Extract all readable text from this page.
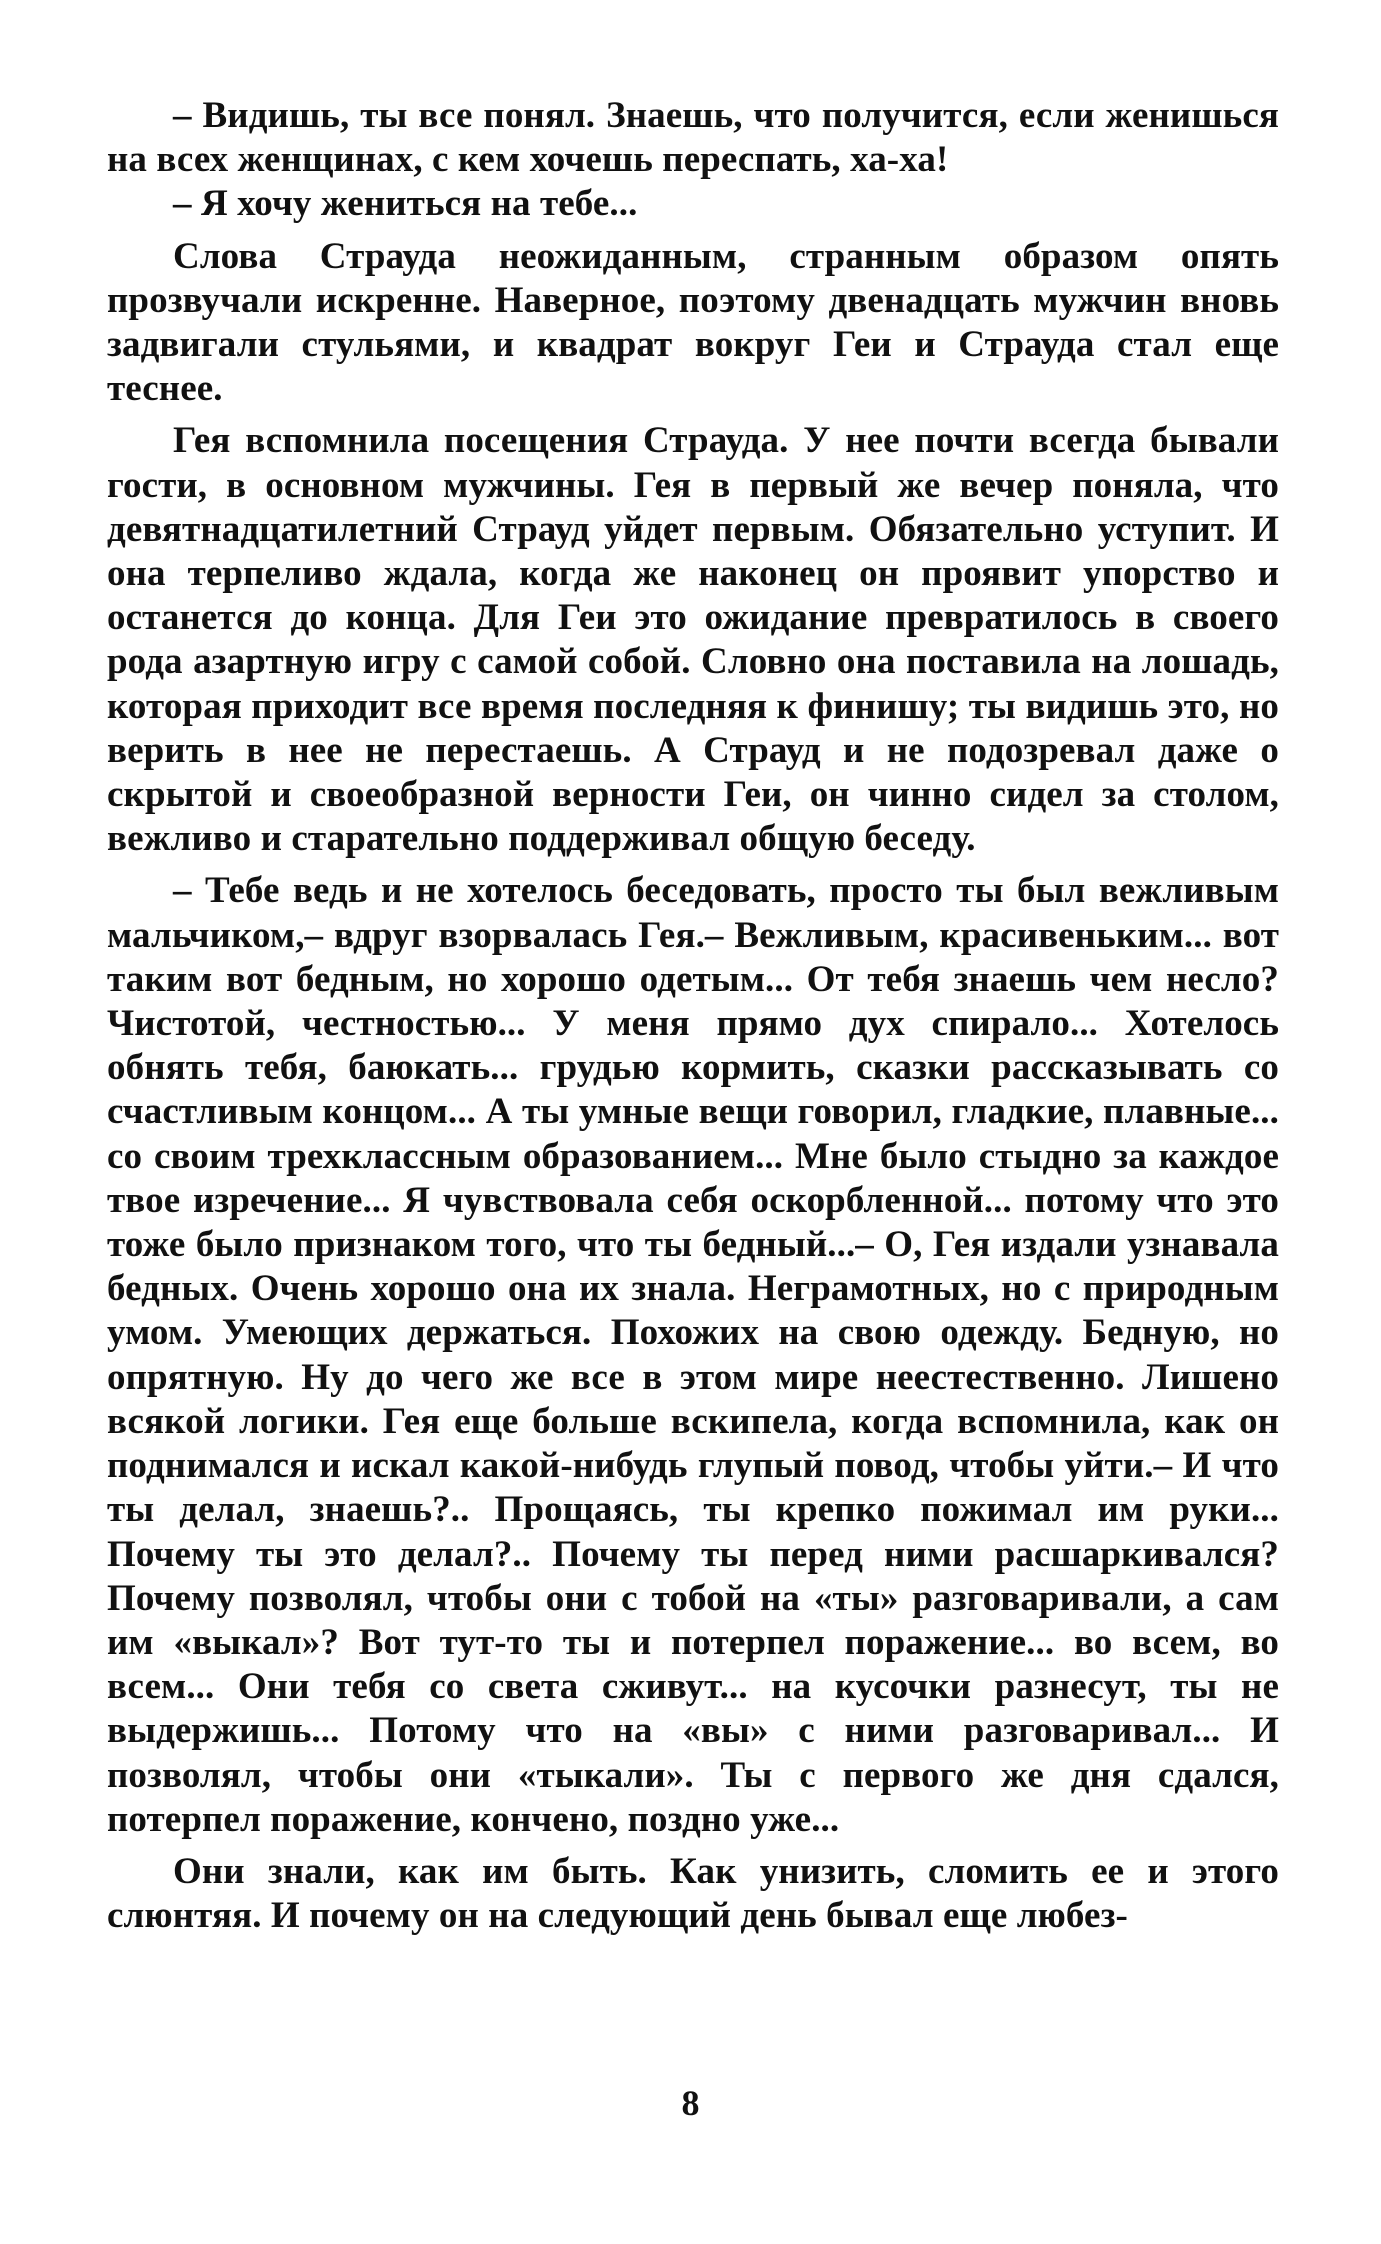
– Видишь, ты все понял. Знаешь, что получится, если женишься на всех женщинах, с кем хочешь переспать, ха-ха!

– Я хочу жениться на тебе...

Слова Страуда неожиданным, странным образом опять прозвучали искренне. Наверное, поэтому двенадцать мужчин вновь задвигали стульями, и квадрат вокруг Геи и Страуда стал еще теснее.

Гея вспомнила посещения Страуда. У нее почти всегда бывали гости, в основном мужчины. Гея в первый же вечер поняла, что девятнадцатилетний Страуд уйдет первым. Обязательно уступит. И она терпеливо ждала, когда же наконец он проявит упорство и останется до конца. Для Геи это ожидание превратилось в своего рода азартную игру с самой собой. Словно она поставила на лошадь, которая приходит все время последняя к финишу; ты видишь это, но верить в нее не перестаешь. А Страуд и не подозревал даже о скрытой и своеобразной верности Геи, он чинно сидел за столом, вежливо и старательно поддерживал общую беседу.

– Тебе ведь и не хотелось беседовать, просто ты был вежливым мальчиком,– вдруг взорвалась Гея.– Вежливым, красивеньким... вот таким вот бедным, но хорошо одетым... От тебя знаешь чем несло? Чистотой, честностью... У меня прямо дух спирало... Хотелось обнять тебя, баюкать... грудью кормить, сказки рассказывать со счастливым концом... А ты умные вещи говорил, гладкие, плавные... со своим трехклассным образованием... Мне было стыдно за каждое твое изречение... Я чувствовала себя оскорбленной... потому что это тоже было признаком того, что ты бедный...– О, Гея издали узнавала бедных. Очень хорошо она их знала. Неграмотных, но с природным умом. Умеющих держаться. Похожих на свою одежду. Бедную, но опрятную. Ну до чего же все в этом мире неестественно. Лишено всякой логики. Гея еще больше вскипела, когда вспомнила, как он поднимался и искал какой-нибудь глупый повод, чтобы уйти.– И что ты делал, знаешь?.. Прощаясь, ты крепко пожимал им руки... Почему ты это делал?.. Почему ты перед ними расшаркивался? Почему позволял, чтобы они с тобой на «ты» разговаривали, а сам им «выкал»? Вот тут-то ты и потерпел поражение... во всем, во всем... Они тебя со света сживут... на кусочки разнесут, ты не выдержишь... Потому что на «вы» с ними разговаривал... И позволял, чтобы они «тыкали». Ты с первого же дня сдался, потерпел поражение, кончено, поздно уже...

Они знали, как им быть. Как унизить, сломить ее и этого слюнтяя. И почему он на следующий день бывал еще любез-

8
